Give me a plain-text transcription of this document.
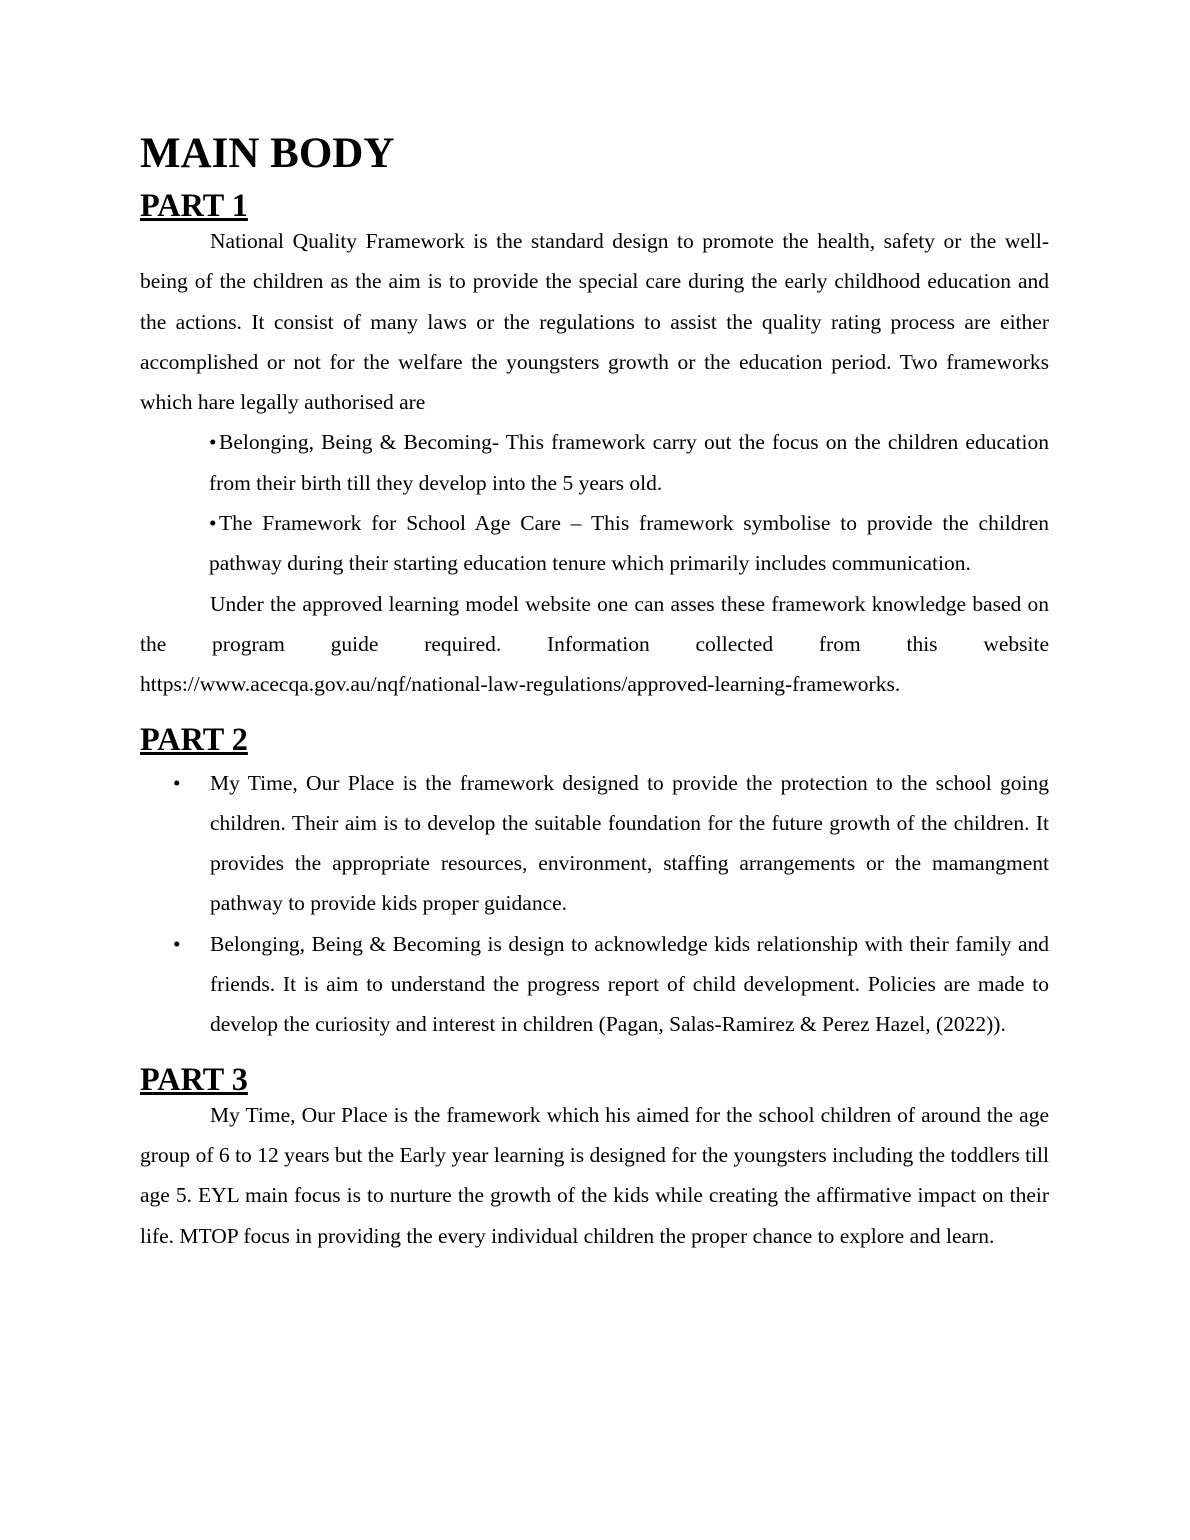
MAIN BODY
PART 1

National Quality Framework is the standard design to promote the health, safety or the well-being of the children as the aim is to provide the special care during the early childhood education and the actions. It consist of many laws or the regulations to assist the quality rating process are either accomplished or not for the welfare the youngsters growth or the education period. Two frameworks which hare legally authorised are

• Belonging, Being & Becoming- This framework carry out the focus on the children education from their birth till they develop into the 5 years old.
• The Framework for School Age Care – This framework symbolise to provide the children pathway during their starting education tenure which primarily includes communication.

Under the approved learning model website one can asses these framework knowledge based on the program guide required. Information collected from this website https://www.acecqa.gov.au/nqf/national-law-regulations/approved-learning-frameworks.

PART 2
• My Time, Our Place is the framework designed to provide the protection to the school going children. Their aim is to develop the suitable foundation for the future growth of the children. It provides the appropriate resources, environment, staffing arrangements or the mamangment pathway to provide kids proper guidance.
• Belonging, Being & Becoming is design to acknowledge kids relationship with their family and friends. It is aim to understand the progress report of child development. Policies are made to develop the curiosity and interest in children (Pagan, Salas-Ramirez & Perez Hazel, (2022)).
PART 3

My Time, Our Place is the framework which his aimed for the school children of around the age group of 6 to 12 years but the Early year learning is designed for the youngsters including the toddlers till age 5. EYL main focus is to nurture the growth of the kids while creating the affirmative impact on their life. MTOP focus in providing the every individual children the proper chance to explore and learn.
